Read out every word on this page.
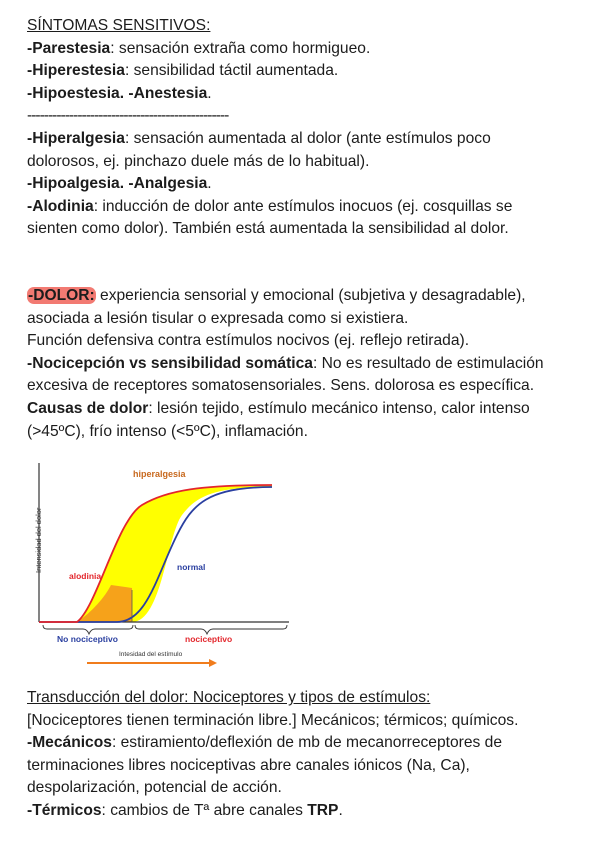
SÍNTOMAS SENSITIVOS:
-Parestesia: sensación extraña como hormigueo.
-Hiperestesia: sensibilidad táctil aumentada.
-Hipoestesia. -Anestesia.
------------------------------------------------
-Hiperalgesia: sensación aumentada al dolor (ante estímulos poco
dolorosos, ej. pinchazo duele más de lo habitual).
-Hipoalgesia. -Analgesia.
-Alodinia: inducción de dolor ante estímulos inocuos (ej. cosquillas se
sienten como dolor). También está aumentada la sensibilidad al dolor.
-DOLOR: experiencia sensorial y emocional (subjetiva y desagradable),
asociada a lesión tisular o expresada como si existiera.
Función defensiva contra estímulos nocivos (ej. reflejo retirada).
-Nocicepción vs sensibilidad somática: No es resultado de estimulación
excesiva de receptores somatosensoriales. Sens. dolorosa es específica.
Causas de dolor: lesión tejido, estímulo mecánico intenso, calor intenso
(>45ºC), frío intenso (<5ºC), inflamación.
hiperalgesia
normal
alodinia
Intensidad del dolor
No nociceptivo	nociceptivo
Intesidad del estímulo
Transducción del dolor: Nociceptores y tipos de estímulos:
[Nociceptores tienen terminación libre.] Mecánicos; térmicos; químicos.
-Mecánicos: estiramiento/deflexión de mb de mecanorreceptores de
terminaciones libres nociceptivas abre canales iónicos (Na, Ca),
despolarización, potencial de acción.
-Térmicos: cambios de Tª abre canales TRP.
